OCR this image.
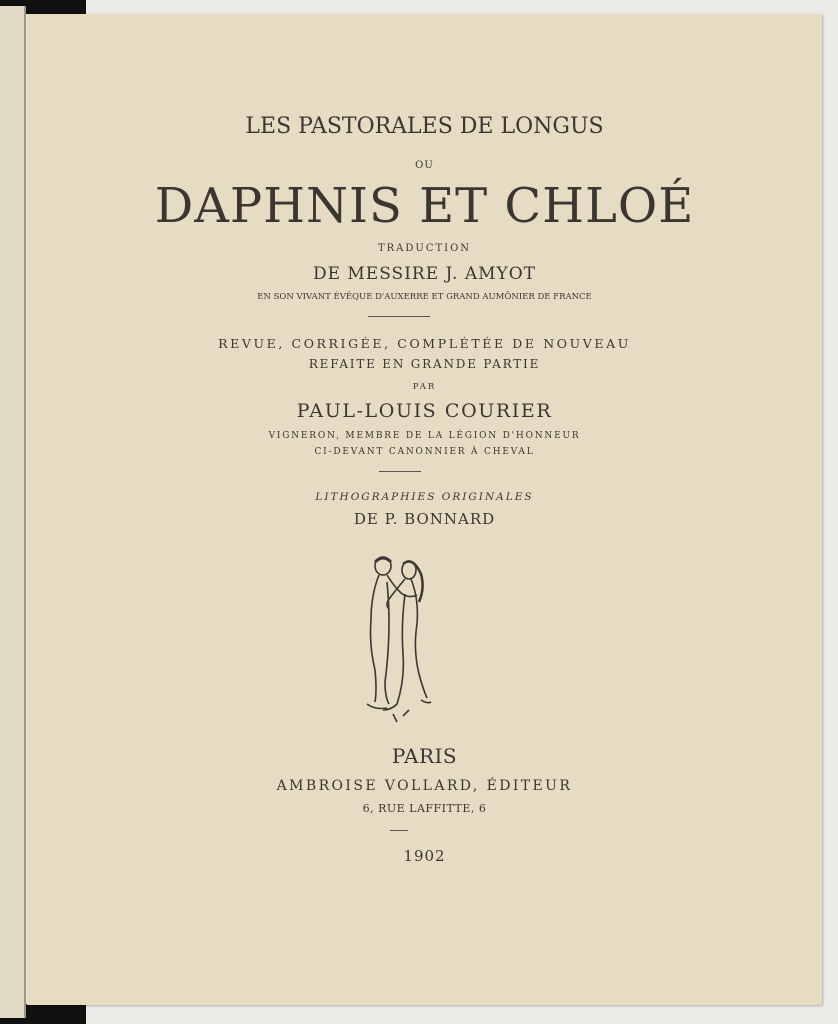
LES PASTORALES DE LONGUS
OU
DAPHNIS ET CHLOÉ
TRADUCTION
DE MESSIRE J. AMYOT
EN SON VIVANT ÉVÊQUE D'AUXERRE ET GRAND AUMÔNIER DE FRANCE
REVUE, CORRIGÉE, COMPLÉTÉE DE NOUVEAU
REFAITE EN GRANDE PARTIE
PAR
PAUL-LOUIS COURIER
VIGNERON, MEMBRE DE LA LÉGION D'HONNEUR
CI-DEVANT CANONNIER À CHEVAL
LITHOGRAPHIES ORIGINALES
DE P. BONNARD
PARIS
AMBROISE VOLLARD, ÉDITEUR
6, RUE LAFFITTE, 6
1902
